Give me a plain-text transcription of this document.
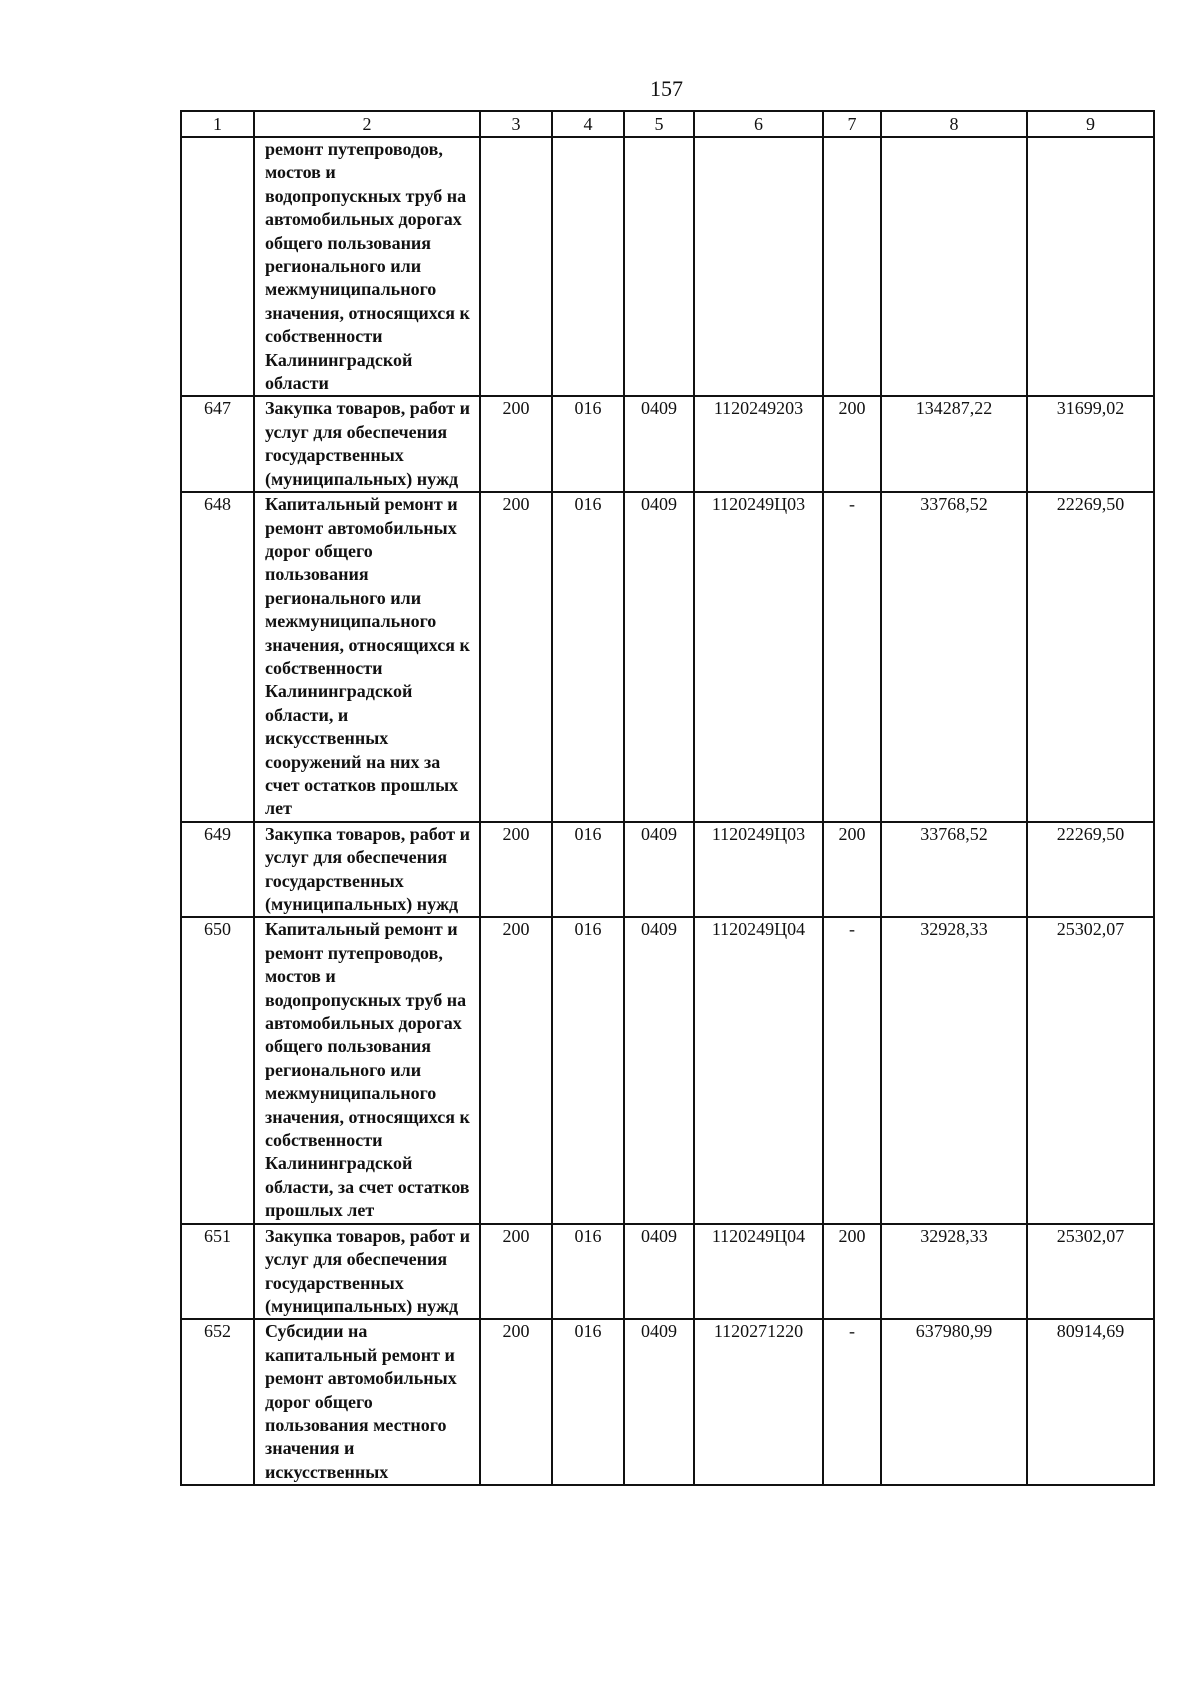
157
1	2	3	4	5	6	7	8	9
	ремонт путепроводов, мостов и водопропускных труб на автомобильных дорогах общего пользования регионального или межмуниципального значения, относящихся к собственности Калининградской области							
647	Закупка товаров, работ и услуг для обеспечения государственных (муниципальных) нужд	200	016	0409	1120249203	200	134287,22	31699,02
648	Капитальный ремонт и ремонт автомобильных дорог общего пользования регионального или межмуниципального значения, относящихся к собственности Калининградской области, и искусственных сооружений на них за счет остатков прошлых лет	200	016	0409	1120249Ц03	-	33768,52	22269,50
649	Закупка товаров, работ и услуг для обеспечения государственных (муниципальных) нужд	200	016	0409	1120249Ц03	200	33768,52	22269,50
650	Капитальный ремонт и ремонт путепроводов, мостов и водопропускных труб на автомобильных дорогах общего пользования регионального или межмуниципального значения, относящихся к собственности Калининградской области, за счет остатков прошлых лет	200	016	0409	1120249Ц04	-	32928,33	25302,07
651	Закупка товаров, работ и услуг для обеспечения государственных (муниципальных) нужд	200	016	0409	1120249Ц04	200	32928,33	25302,07
652	Субсидии на капитальный ремонт и ремонт автомобильных дорог общего пользования местного значения и искусственных	200	016	0409	1120271220	-	637980,99	80914,69
